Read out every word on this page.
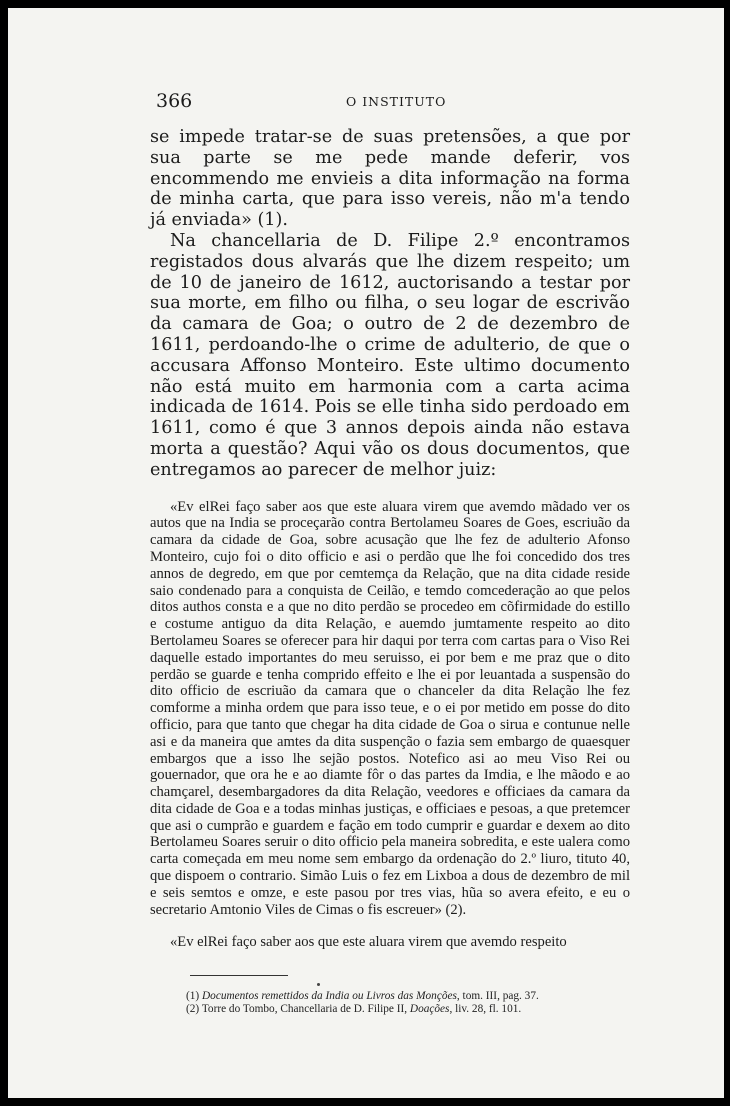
366	O INSTITUTO

se impede tratar-se de suas pretensões, a que por sua parte se me pede mande deferir, vos encommendo me envieis a dita informação na forma de minha carta, que para isso vereis, não m'a tendo já enviada» (1).

Na chancellaria de D. Filipe 2.º encontramos registados dous alvarás que lhe dizem respeito; um de 10 de janeiro de 1612, auctorisando a testar por sua morte, em filho ou filha, o seu logar de escrivão da camara de Goa; o outro de 2 de dezembro de 1611, perdoando-lhe o crime de adulterio, de que o accusara Affonso Monteiro. Este ultimo documento não está muito em harmonia com a carta acima indicada de 1614. Pois se elle tinha sido perdoado em 1611, como é que 3 annos depois ainda não estava morta a questão? Aqui vão os dous documentos, que entregamos ao parecer de melhor juiz:

«Ev elRei faço saber aos que este aluara virem que avemdo mãdado ver os autos que na India se proceçarão contra Bertolameu Soares de Goes, escriuão da camara da cidade de Goa, sobre acusação que lhe fez de adulterio Afonso Monteiro, cujo foi o dito officio e asi o perdão que lhe foi concedido dos tres annos de degredo, em que por cemtemça da Relação, que na dita cidade reside saio condenado para a conquista de Ceilão, e temdo comcederação ao que pelos ditos authos consta e a que no dito perdão se procedeo em cõfirmidade do estillo e costume antiguo da dita Relação, e auemdo jumtamente respeito ao dito Bertolameu Soares se oferecer para hir daqui por terra com cartas para o Viso Rei daquelle estado importantes do meu seruisso, ei por bem e me praz que o dito perdão se guarde e tenha comprido effeito e lhe ei por leuantada a suspensão do dito officio de escriuão da camara que o chanceler da dita Relação lhe fez comforme a minha ordem que para isso teue, e o ei por metido em posse do dito officio, para que tanto que chegar ha dita cidade de Goa o sirua e contunue nelle asi e da maneira que amtes da dita suspenção o fazia sem embargo de quaesquer embargos que a isso lhe sejão postos. Notefico asi ao meu Viso Rei ou gouernador, que ora he e ao diamte fôr o das partes da Imdia, e lhe mãodo e ao chamçarel, desembargadores da dita Relação, veedores e officiaes da camara da dita cidade de Goa e a todas minhas justiças, e officiaes e pesoas, a que pretemcer que asi o cumprão e guardem e fação em todo cumprir e guardar e dexem ao dito Bertolameu Soares seruir o dito officio pela maneira sobredita, e este ualera como carta começada em meu nome sem embargo da ordenação do 2.º liuro, tituto 40, que dispoem o contrario. Simão Luis o fez em Lixboa a dous de dezembro de mil e seis semtos e omze, e este pasou por tres vias, hũa so avera efeito, e eu o secretario Amtonio Viles de Cimas o fis escreuer» (2).

«Ev elRei faço saber aos que este aluara virem que avemdo respeito

(1) Documentos remettidos da India ou Livros das Monções, tom. III, pag. 37.
(2) Torre do Tombo, Chancellaria de D. Filipe II, Doações, liv. 28, fl. 101.
